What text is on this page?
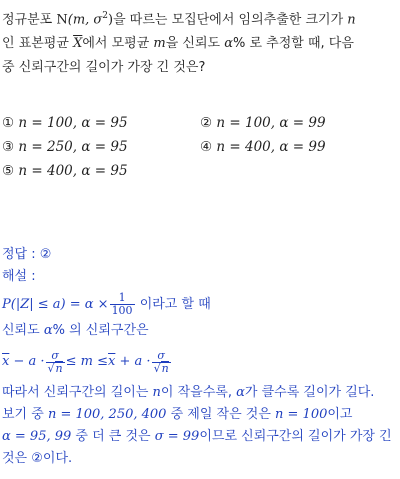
정규분포 N(m, $\sigma^2$)을 따르는 모집단에서 임의추출한 크기가 n
인 표본평균 $\overline{X}$에서 모평균 m을 신뢰도 α% 로 추정할 때, 다음
중 신뢰구간의 길이가 가장 긴 것은?
① n = 100, α = 95	② n = 100, α = 99
③ n = 250, α = 95	④ n = 400, α = 99
⑤ n = 400, α = 95
정답 : ②
해설 :
$P(|Z| \le a) = \alpha \times \frac{1}{100}$ 이라고 할 때
신뢰도 α% 의 신뢰구간은
$\overline{x} - a \cdot \frac{\sigma}{√n} \le m \le\overline{x} + a \cdot \frac{\sigma}{√n}$
따라서 신뢰구간의 길이는 n이 작을수록, α가 클수록 길이가 길다.
보기 중 n = 100, 250, 400 중 제일 작은 것은 n = 100이고
α = 95, 99 중 더 큰 것은 σ = 99이므로 신뢰구간의 길이가 가장 긴
것은 ②이다.
